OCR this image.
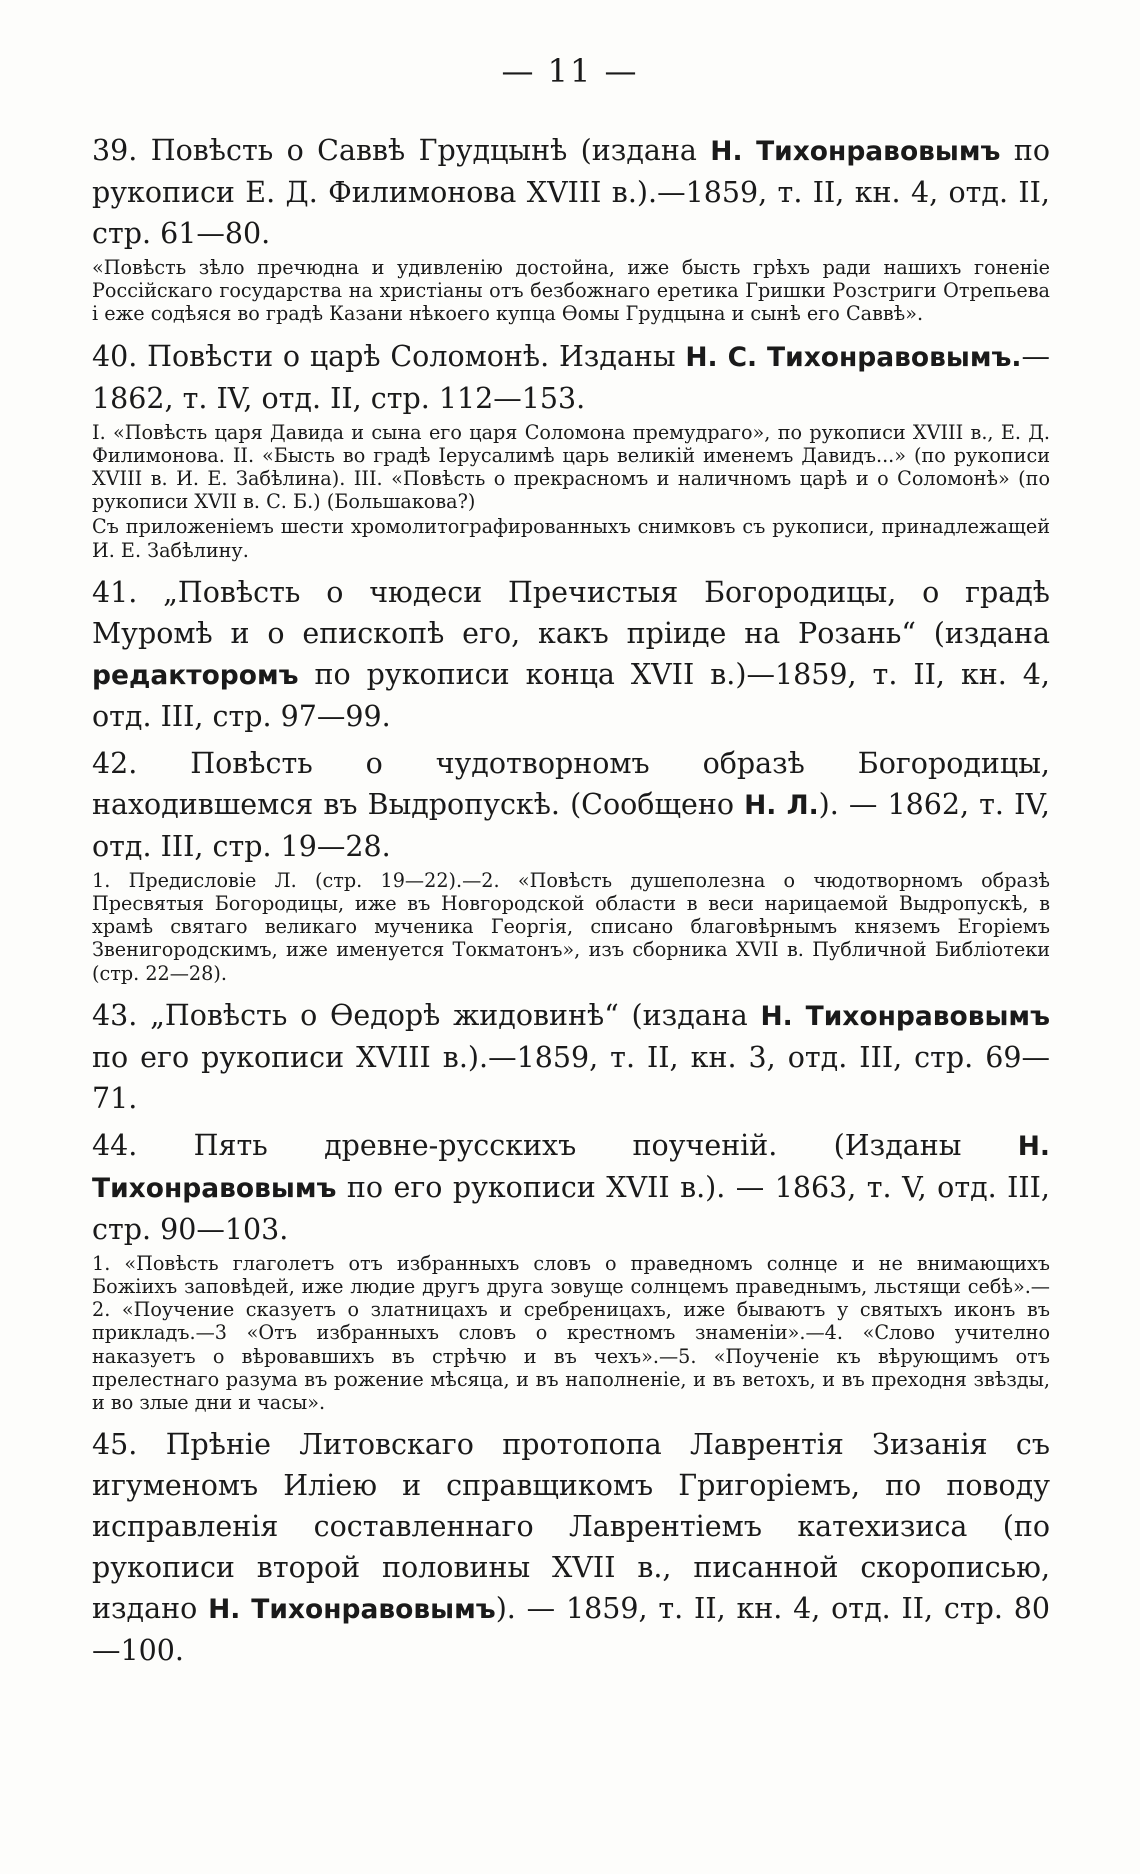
— 11 —

39. Повѣсть о Саввѣ Грудцынѣ (издана Н. Тихонравовымъ по рукописи Е. Д. Филимонова XVIII в.).—1859, т. II, кн. 4, отд. II, стр. 61—80.

«Повѣсть зѣло пречюдна и удивленiю достойна, иже бысть грѣхъ ради нашихъ гоненiе Россiйскаго государства на христiаны отъ безбожнаго еретика Гришки Розстриги Отрепьева i еже содѣяся во градѣ Казани нѣкоего купца Ѳомы Грудцына и сынѣ его Саввѣ».

40. Повѣсти о царѣ Соломонѣ. Изданы Н. С. Тихонравовымъ.—1862, т. IV, отд. II, стр. 112—153.

I. «Повѣсть царя Давида и сына его царя Соломона премудраго», по рукописи XVIII в., Е. Д. Филимонова. II. «Бысть во градѣ Iерусалимѣ царь великiй именемъ Давидъ...» (по рукописи XVIII в. И. Е. Забѣлина). III. «Повѣсть о прекрасномъ и наличномъ царѣ и о Соломонѣ» (по рукописи XVII в. С. Б.) (Большакова?)

Съ приложенiемъ шести хромолитографированныхъ снимковъ съ рукописи, принадлежащей И. Е. Забѣлину.

41. „Повѣсть о чюдеси Пречистыя Богородицы, о градѣ Муромѣ и о епископѣ его, какъ прiиде на Розань“ (издана редакторомъ по рукописи конца XVII в.)—1859, т. II, кн. 4, отд. III, стр. 97—99.

42. Повѣсть о чудотворномъ образѣ Богородицы, находившемся въ Выдропускѣ. (Сообщено Н. Л.). — 1862, т. IV, отд. III, стр. 19—28.

1. Предисловiе Л. (стр. 19—22).—2. «Повѣсть душеполезна о чюдотворномъ образѣ Пресвятыя Богородицы, иже въ Новгородской области в веси нарицаемой Выдропускѣ, в храмѣ святаго великаго мученика Георгiя, списано благовѣрнымъ княземъ Егорiемъ Звенигородскимъ, иже именуется Токматонъ», изъ сборника XVII в. Публичной Библiотеки (стр. 22—28).

43. „Повѣсть о Ѳедорѣ жидовинѣ“ (издана Н. Тихонравовымъ по его рукописи XVIII в.).—1859, т. II, кн. 3, отд. III, стр. 69—71.

44. Пять древне-русскихъ поученiй. (Изданы Н. Тихонравовымъ по его рукописи XVII в.). — 1863, т. V, отд. III, стр. 90—103.

1. «Повѣсть глаголетъ отъ избранныхъ словъ о праведномъ солнце и не внимающихъ Божiихъ заповѣдей, иже людие другъ друга зовуще солнцемъ праведнымъ, льстящи себѣ».—2. «Поучение сказуетъ о златницахъ и сребреницахъ, иже бываютъ у святыхъ иконъ въ прикладъ.—3 «Отъ избранныхъ словъ о крестномъ знаменiи».—4. «Слово учително наказуетъ о вѣровавшихъ въ стрѣчю и въ чехъ».—5. «Поученiе къ вѣрующимъ отъ прелестнаго разума въ рожение мѣсяца, и въ наполненiе, и въ ветохъ, и въ преходня звѣзды, и во злые дни и часы».

45. Прѣнiе Литовскаго протопопа Лаврентiя Зизанiя съ игуменомъ Илiею и справщикомъ Григорiемъ, по поводу исправленiя составленнаго Лаврентiемъ катехизиса (по рукописи второй половины XVII в., писанной скорописью, издано Н. Тихонравовымъ). — 1859, т. II, кн. 4, отд. II, стр. 80—100.
